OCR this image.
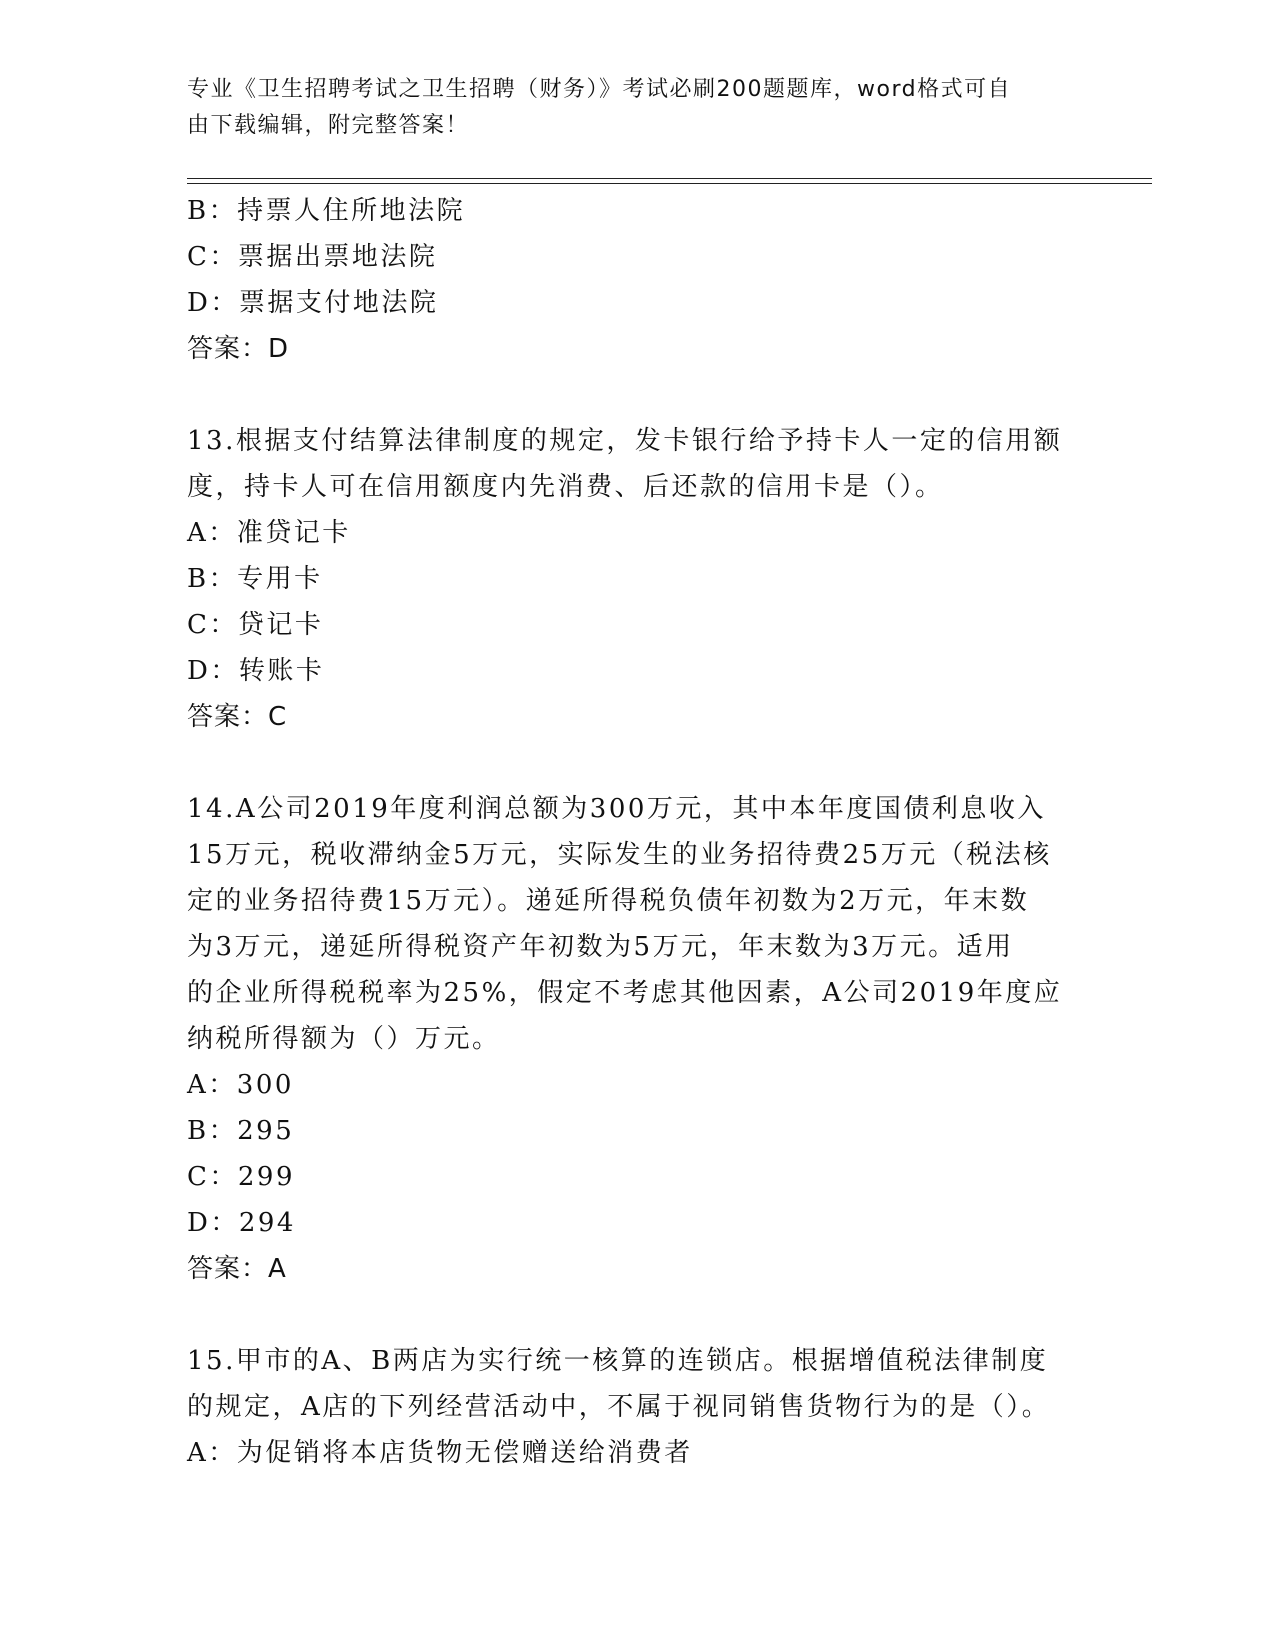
专业《卫生招聘考试之卫生招聘（财务）》考试必刷200题题库，word格式可自
由下载编辑，附完整答案！
B：持票人住所地法院
C：票据出票地法院
D：票据支付地法院
答案：D
13.根据支付结算法律制度的规定，发卡银行给予持卡人一定的信用额
度，持卡人可在信用额度内先消费、后还款的信用卡是（）。
A：准贷记卡
B：专用卡
C：贷记卡
D：转账卡
答案：C
14.A公司2019年度利润总额为300万元，其中本年度国债利息收入
15万元，税收滞纳金5万元，实际发生的业务招待费25万元（税法核
定的业务招待费15万元）。递延所得税负债年初数为2万元，年末数
为3万元，递延所得税资产年初数为5万元，年末数为3万元。适用
的企业所得税税率为25%，假定不考虑其他因素，A公司2019年度应
纳税所得额为（）万元。
A：300
B：295
C：299
D：294
答案：A
15.甲市的A、B两店为实行统一核算的连锁店。根据增值税法律制度
的规定，A店的下列经营活动中，不属于视同销售货物行为的是（）。
A：为促销将本店货物无偿赠送给消费者
